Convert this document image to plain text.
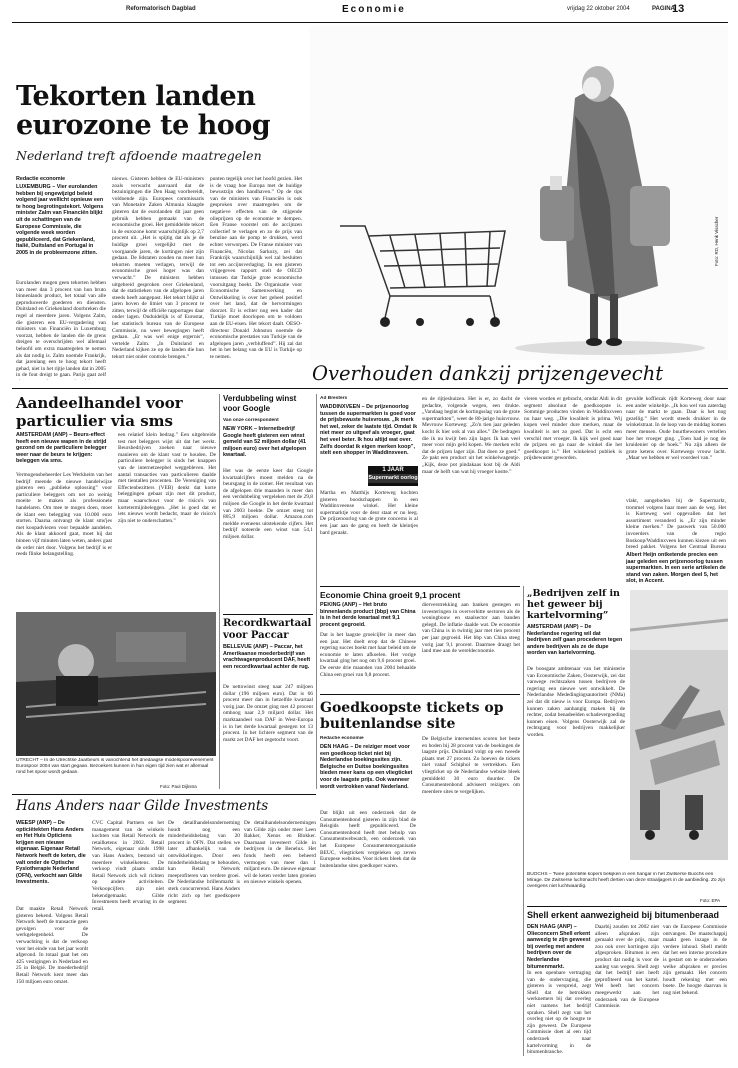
Reformatorisch Dagblad	Economie	vrijdag 22 oktober 2004	PAGINA
13
Tekorten landen
eurozone te hoog
Nederland treft afdoende maatregelen
Redactie economie
LUXEMBURG – Vier eurolanden hebben bij ongewijzigd beleid volgend jaar wellicht opnieuw een te hoog begrotingstekort. Volgens minister Zalm van Financiën blijkt uit de schattingen van de Europese Commissie, die volgende week worden gepubliceerd, dat Griekenland, Italië, Duitsland en Portugal in 2005 in de probleemzone zitten.
Eurolanden mogen geen tekorten hebben van meer dan 3 procent van hun bruto binnenlands product, het totaal van alle geproduceerde goederen en diensten. Duitsland en Griekenland doorbreken die regel al meerdere jaren. Volgens Zalm, die gisteren een EU-vergadering van ministers van Financiën in Luxemburg voorzat, hebben de landen die de grens dreigen te overschrijden wel allemaal beloofd om extra maatregelen te nemen als dat nodig is. Zalm noemde Frankrijk, dat jarenlang een te hoog tekort heeft gehad, niet in het rijtje landen dat in 2005 in de fout dreigt te gaan. Parijs gaat zelf
nieuws. Gisteren hebben de EU-ministers zoals verwacht aanvaard dat de bezuinigingen die Den Haag voorbereidt, voldoende zijn. Europees commissaris van Monetaire Zaken Almunia klaagde gisteren dat de eurolanden dit jaar geen gebruik hebben gemaakt van de economische groei. Het gemiddelde tekort in de eurozone komt waarschijnlijk op 2,7 procent uit. „Het is spijtig dat als je de huidige groei vergelijkt met de voorgaande jaren, de kortingen niet zijn gedaan. De lidstaten zouden nu meer hun tekorten moeten verlagen, terwijl de economische groei hoger was dan verwacht.” De ministers hebben uitgebreid gesproken over Griekenland, dat de statistieken van de afgelopen jaren steeds heeft aangepast. Het tekort blijkt al jaren boven de limiet van 3 procent te zitten, terwijl de officiële rapportages daar onder lagen. Onduidelijk is of Eurostat, het statistisch bureau van de Europese Commissie, nu weer bewegingen heeft gedaan. „Er was wel enige ergernis”, vertelde Zalm. „In Duitsland en Nederland kijken ze op de landen die hun tekort niet onder controle brengen.”
punten tegelijk over het hoofd gezien. Het is de vraag hoe Europa met de huidige bewustzijn den handhaven.” Op de tips van de ministers van Financiën is ook gesproken over maatregelen om de negatieve effecten van de stijgende olieprijzen op de economie te dempen. Een Franse voorstel om de accijnzen collectief te verlagen en zo de prijs van benzine aan de pomp te drukken, werd echter verworpen. De Franse minister van Financiën, Nicolas Sarkozy, zei dat Frankrijk waarschijnlijk wel zal besluiten tot een accijnsverlaging. In een gisteren vrijgegeven rapport stelt de OECD intussen dat Turkije grote economische vooruitgang boekt. De Organisatie voor Economische Samenwerking en Ontwikkeling is over het geheel positief over het land, dat de hervormingen doorzet. Er is echter nog een kader dat Turkije moet doorlopen om te voldoen aan de EU-eisen. Het tekort daalt. OESO-directeur Donald Johnston noemde de economische prestaties van Turkije van de afgelopen jaren „verbluffend”. Hij zal dat het in het belang van de EU is Turkije op te nemen.
Foto: RD, Henk Visscher
Overhouden dankzij prijzengevecht
Aandeelhandel voor particulier via sms
AMSTERDAM (ANP) – Beurs-effect heeft een nieuwe wapen in de strijd gezond om de particuliere belegger weer naar de beurs te krijgen: beleggen via sms.
Vermogensbeheerder Les Werkheim van het bedrijf meende de nieuwe handelwijze gisteren een „publieke oplossing” voor particuliere beleggers om net zo weinig moeite te maken als professionele handelaren. Om mee te mogen doen, moet de klant een belegging van 10.000 euro storten. Daarna ontvangt de klant sms'jes met koopadviezen voor bepaalde aandelen. Als de klant akkoord gaat, moet hij dat binnen vijf minuten laten weten, anders gaat de order niet door. Volgens het bedrijf is er reeds flinke belangstelling.
een relatief klein bedrag.” Een uitgebreide test met beleggers wijst uit dat het werkt. Beursbedrijven zoeken naar nieuwe manieren om de klant vast te houden. De particuliere belegger is sinds het knappen van de internetzeepbel weggebleven. Het aantal transacties van particulieren daalde met tientallen procenten. De Vereniging van Effectenbezitters (VEB) denkt dat korte beleggingen gebaat zijn met dit product, maar waarschuwt voor de risico's van kortetermijnbeleggen. „Het is goed dat er iets nieuws wordt bedacht, maar de risico's zijn niet te onderschatten.”
UTRECHT – In de Utrechtse Jaarbeurs is vanochtend het driedaagse modelspoorevenement Eurospoor 2004 van start gegaan. Bezoekers kunnen in hun eigen tijd zien wat er allemaal rond het spoor wordt gedaan.
Foto: Paul Dijkstra
Verdubbeling winst voor Google
Van onze correspondent
NEW YORK – Internetbedrijf Google heeft gisteren een winst gemeld van 52 miljoen dollar (41 miljoen euro) over het afgelopen kwartaal.
Het was de eerste keer dat Google kwartaalcijfers moest melden na de beursgang in de zomer. Het resultaat van de afgelopen drie maanden is meer dan een verdubbeling vergeleken met de 29,8 miljoen die Google in het derde kwartaal van 2003 boekte. De omzet steeg tot 805,9 miljoen dollar. Amazon.com meldde eveneens uitstekende cijfers. Het bedrijf noteerde een winst van 54,1 miljoen dollar.
Recordkwartaal voor Paccar
BELLEVUE (ANP) – Paccar, het Amerikaanse moederbedrijf van vrachtwagenproducent DAF, heeft een recordkwartaal achter de rug.
De nettowinst steeg naar 247 miljoen dollar (196 miljoen euro). Dat is 66 procent meer dan in hetzelfde kwartaal vorig jaar. De omzet ging met 42 procent omhoog naar 2,9 miljard dollar. Het marktaandeel van DAF in West-Europa is in het derde kwartaal gestegen tot 13 procent. In het lichtere segment van de markt zet DAF het zegetocht voort.
Ad Bresters
WADDINXVEEN – De prijzenoorlog tussen de supermarkten is goed voor de prijsbewuste huisvrouw. „Ik merk het wel, zeker de laatste tijd. Omdat ik niet meer zo uitgeef als vroeger, gaat het veel beter. Ik hou altijd wat over. Zelfs doordat ik eigen merken koop”, stelt een shopper in Waddinxveen.
1 JAAR
Supermarkt oorlog
Martha en Matthijs Korteweg kochten gisteren boodschappen in een Waddinxveense winkel. Het kleine supermarktje voor de deur staat er nu leeg. De prijzenoorlog van de grote concerns is al een jaar aan de gang en heeft de kleintjes hard geraakt.
en de rijtjeshuizen. Het is er, zo dacht de gedachte, volgende wegen, een drukte. „Vandaag begint de kortingsslag van de grote supermarkten”, weet de 80-jarige huisvrouw. Mevrouw Korteweg: „Zo'n tien jaar geleden kocht ik hier ook al van alles.” De bedragen die ik nu kwijt ben zijn lager. Ik kan veel meer voor mijn geld kopen. We merken echt dat de prijzen lager zijn. Dat doen ze goed.” Ze pakt een product uit het winkelwagentje. „Kijk, deze pot pindakaas kost bij de Aldi maar de helft van wat hij vroeger kostte.”
vieren worden er gebracht, omdat Aldi in dit segment absoluut de goedkoopste is. Sommige producten vinden in Waddinxveen nu haar weg. „Die kwaliteit is prima. Wij kopen veel minder dure merken, maar de kwaliteit is net zo goed. Dat is echt een verschil met vroeger. Ik kijk wel goed naar de prijzen en ga naar de winkel die het goedkoopst is.” Het winkelend publiek is prijsbewuster geworden.
gevulde koffiezak rijdt Korteweg door naar een ander winkeltje. „Ik hou wel van zaterdag naar de markt te gaan. Daar is het nog gezellig.” Het wordt steeds drukker in de winkelstraat. In de loop van de middag komen meer mensen. Oude buurtbewoners vertellen hoe het vroeger ging. „Toen had je nog de kruidenier op de hoek.” Nu zijn alleen de grote ketens over. Kortewegs vrouw lacht. „Maar we hebben er wel voordeel van.”
vlakt, aangeboden bij de Supermarkt, trommel volgens haar meer aan de weg. Het is Korteweg wel opgevallen dat het assortiment veranderd is. „Er zijn minder kleine merken.” De paswerk van 50.000 invoerders van de regio Boskoop/Waddinxveen kunnen kiezen uit een breed pakket. Volgens het Centraal Bureau
Albert Heijn ontketende precies een jaar geleden een prijzenoorlog tussen supermarkten. In een serie artikelen de stand van zaken. Morgen deel 5, het slot, in Accent.
Economie China groeit 9,1 procent
PEKING (ANP) – Het bruto binnenlands product (bbp) van China is in het derde kwartaal met 9,1 procent gegroeid.
Dat is het laagste groeicijfer in meer dan een jaar. Het doelt erop dat de Chinese regering succes boekt met haar beleid om de economie te laten afkoelen. Het vorige kwartaal ging het nog om 9,6 procent groei. De eerste drie maanden van 2004 behaalde China een groei van 9,8 procent.
dierverstrekking aan banken gestegen en investeringen in oververhitte sectoren als de woningbouw en staalsector aan banden gelegd. De inflatie daalde wat. De economie van China is in twintig jaar met tien procent per jaar gegroeid. Het bbp van China steeg vorig jaar 9,1 procent. Daarmee draagt het land mee aan de wereldeconomie.
Goedkoopste tickets op buitenlandse site
Redactie economie
DEN HAAG – De reiziger moet voor een goedkoop ticket niet bij Nederlandse boekingssites zijn. Belgische en Duitse boekingssites bieden meer kans op een vliegticket voor de laagste prijs. Ook wanneer wordt vertrokken vanaf Nederland.
Dat blijkt uit een onderzoek dat de Consumentenbond gisteren in zijn blad de Reisgids heeft gepubliceerd. De Consumentenbond heeft met behulp van Consumentwebwatch, een onderzoek van het Europese Consumentenorganisatie BEUC, vliegtickets vergeleken op zeven Europese websites. Voor tickets bleek dat de buitenlandse sites goedkoper waren.
De Belgische internetsites scoren het beste en boden bij 28 procent van de boekingen de laagste prijs. Duitsland volgt op een tweede plaats met 27 procent. Zo hoeven de tickets niet vanaf Schiphol te vertrekken. Een vliegticket op de Nederlandse website bleek gemiddeld 30 euro duurder. De Consumentenbond adviseert reizigers om meerdere sites te vergelijken.
„Bedrijven zelf in het geweer bij kartelvorming”
AMSTERDAM (ANP) – De Nederlandse regering wil dat bedrijven zelf gaan procederen tegen andere bedrijven als ze de dupe worden van kartelvorming.
De boosgate ambtenaar van het ministerie van Economische Zaken, Oosterwijk, zei dat vanwege rechtszaken tussen bedrijven de regering een nieuwe wet ontwikkelt. De Nederlandse Mededingingsautoriteit (NMa) zei dat dit nieuw is voor Europa. Bedrijven kunnen zaken aanhangig maken bij de rechter, zodat benadeelden schadevergoeding kunnen eisen. Volgens Oosterwijk zal de rechtsgang voor bedrijven makkelijker worden.
BUOCHS – Twee potentiële kopers bekijken in een hangar in het Zwitserse Buochs een Mirage. De Zwitserse luchtmacht heeft dertien van deze straaljagers in de aanbieding. Zo zijn overigens niet luchtwaardig.
Foto: EPA
Hans Anders naar Gilde Investments
WEESP (ANP) – De opticiëtekten Hans Anders en Het Huis Opticiens krijgen een nieuwe eigenaar. Eigenaar Retail Network heeft de keten, die valt onder de Optische Fysiotherapie Nederland (OFN), verkocht aan Gilde Investments.
Dat maakte Retail Network gisteren bekend. Volgens Retail Network heeft de transactie geen gevolgen voor de werkgelegenheid. De verwachting is dat de verkoop voor het einde van het jaar wordt afgerond. In totaal gaat het om 425 vestigingen in Nederland en 25 in België. De moederbedrijf Retail Network kent meer dan 150 miljoen euro omzet.
CVC Capital Partners en het management van de winkels kochten van Retail Network de retailketens in 2002. Retail Network, eigenaar sinds 1998 van Hans Anders, bestond uit meerdere winkelketens. De verkoop vindt plaats omdat Retail Network zich wil richten op andere activiteiten. Verkoopcijfers zijn niet bekendgemaakt. Gilde Investments heeft ervaring in de retail.
De detailhandelsonderneming houdt nog een minderheidsbelang van 20 procent in OFN. Dat stellen we later afhankelijk van de ontwikkelingen. Door een minderheidsbelang te behouden, kan Retail Network meeprofiteren van verdere groei. De Nederlandse brillenmarkt is sterk concurrerend. Hans Anders richt zich op het goedkopere segment.
De detailhandelsondernemingen van Gilde zijn onder meer Leen Bakker, Xenos en Blokker. Daarnaast investeert Gilde in bedrijven in de Benelux. Het fonds heeft een beheerd vermogen van meer dan 1 miljard euro. De nieuwe eigenaar wil de keten verder laten groeien en nieuwe winkels openen.
Shell erkent aanwezigheid bij bitumenberaad
DEN HAAG (ANP) – Olieconcern Shell erkent aanwezig te zijn geweest bij overleg met andere bedrijven over de Nederlandse bitumenmarkt.
In een openbare vertraging van de ondervraging, die gisteren is verspreid, zegt Shell dat de betrokken werknemers bij dat overleg niet namens het bedrijf spraken. Shell zegt van het overleg niet op de hoogte te zijn geweest. De Europese Commissie doet al een tijd onderzoek naar kartelvorming in de bitumenbranche.
Daarbij zouden tot 2002 niet alleen afspraken zijn gemaakt over de prijs, maar zou ook over kortingen zijn afgesproken. Bitumen is een product dat nodig is voor de aanleg van wegen. Shell zegt dat het bedrijf niet heeft geprofiteerd van het kartel. Wel heeft het concern meegewerkt aan het onderzoek van de Europese Commissie.
van de Europese Commissie ontvangen. De maatschappij maakt geen inzage in de verdere inhoud. Shell meldt dat het een interne procedure is gestart om te onderzoeken welke afspraken er precies zijn gemaakt. Het concern houdt rekening met een boete. De hoogte daarvan is nog niet bekend.
